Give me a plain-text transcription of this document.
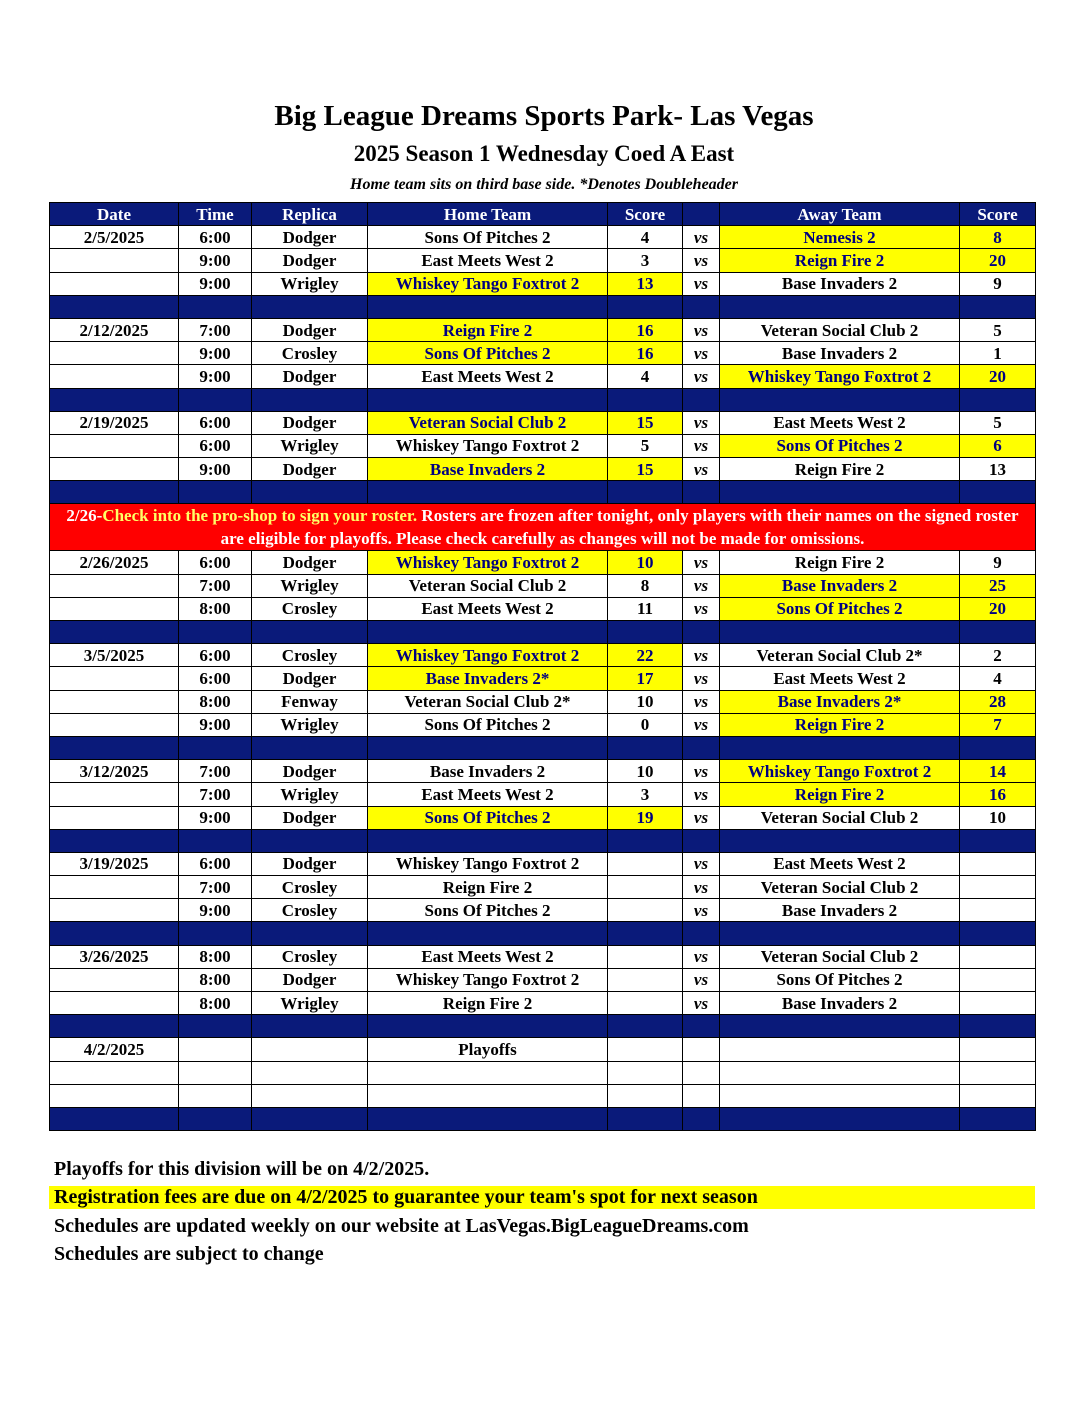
Big League Dreams Sports Park- Las Vegas
2025 Season 1 Wednesday Coed A East
Home team sits on third base side. *Denotes Doubleheader
Date	Time	Replica	Home Team	Score		Away Team	Score
2/5/2025	6:00	Dodger	Sons Of Pitches 2	4	vs	Nemesis 2	8
	9:00	Dodger	East Meets West 2	3	vs	Reign Fire 2	20
	9:00	Wrigley	Whiskey Tango Foxtrot 2	13	vs	Base Invaders 2	9

2/12/2025	7:00	Dodger	Reign Fire 2	16	vs	Veteran Social Club 2	5
	9:00	Crosley	Sons Of Pitches 2	16	vs	Base Invaders 2	1
	9:00	Dodger	East Meets West 2	4	vs	Whiskey Tango Foxtrot 2	20

2/19/2025	6:00	Dodger	Veteran Social Club 2	15	vs	East Meets West 2	5
	6:00	Wrigley	Whiskey Tango Foxtrot 2	5	vs	Sons Of Pitches 2	6
	9:00	Dodger	Base Invaders 2	15	vs	Reign Fire 2	13

2/26-Check into the pro-shop to sign your roster. Rosters are frozen after tonight, only players with their names on the signed roster are eligible for playoffs. Please check carefully as changes will not be made for omissions.							
2/26/2025	6:00	Dodger	Whiskey Tango Foxtrot 2	10	vs	Reign Fire 2	9
	7:00	Wrigley	Veteran Social Club 2	8	vs	Base Invaders 2	25
	8:00	Crosley	East Meets West 2	11	vs	Sons Of Pitches 2	20

3/5/2025	6:00	Crosley	Whiskey Tango Foxtrot 2	22	vs	Veteran Social Club 2*	2
	6:00	Dodger	Base Invaders 2*	17	vs	East Meets West 2	4
	8:00	Fenway	Veteran Social Club 2*	10	vs	Base Invaders 2*	28
	9:00	Wrigley	Sons Of Pitches 2	0	vs	Reign Fire 2	7

3/12/2025	7:00	Dodger	Base Invaders 2	10	vs	Whiskey Tango Foxtrot 2	14
	7:00	Wrigley	East Meets West 2	3	vs	Reign Fire 2	16
	9:00	Dodger	Sons Of Pitches 2	19	vs	Veteran Social Club 2	10

3/19/2025	6:00	Dodger	Whiskey Tango Foxtrot 2		vs	East Meets West 2	
	7:00	Crosley	Reign Fire 2		vs	Veteran Social Club 2	
	9:00	Crosley	Sons Of Pitches 2		vs	Base Invaders 2	

3/26/2025	8:00	Crosley	East Meets West 2		vs	Veteran Social Club 2	
	8:00	Dodger	Whiskey Tango Foxtrot 2		vs	Sons Of Pitches 2	
	8:00	Wrigley	Reign Fire 2		vs	Base Invaders 2	

4/2/2025			Playoffs				

Playoffs for this division will be on 4/2/2025.
Registration fees are due on 4/2/2025 to guarantee your team's spot for next season
Schedules are updated weekly on our website at LasVegas.BigLeagueDreams.com
Schedules are subject to change
